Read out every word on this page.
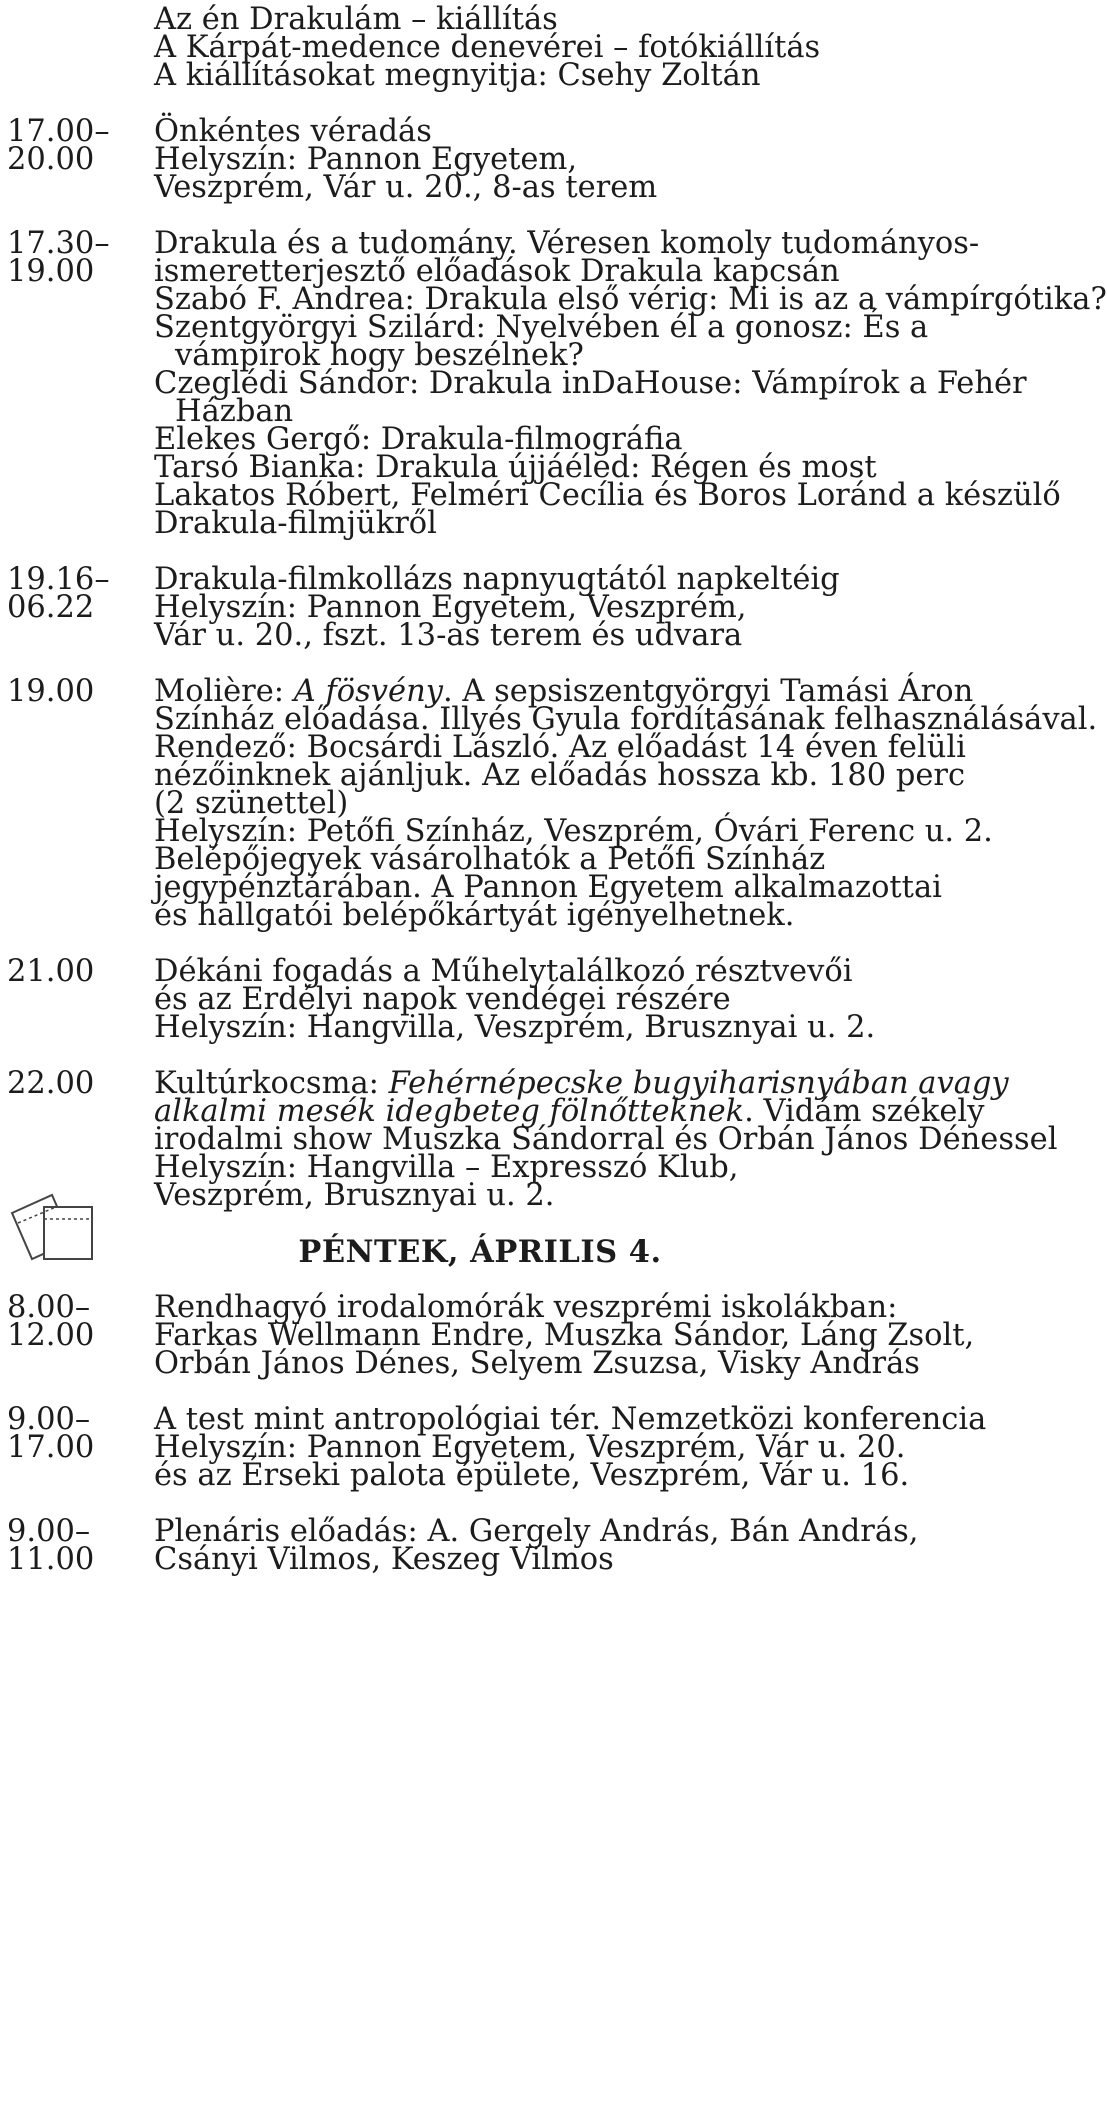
Az én Drakulám – kiállítás
A Kárpát-medence denevérei – fotókiállítás
A kiállításokat megnyitja: Csehy Zoltán
17.00– Önkéntes véradás
20.00 Helyszín: Pannon Egyetem,
Veszprém, Vár u. 20., 8-as terem
17.30– Drakula és a tudomány. Véresen komoly tudományos-
19.00 ismeretterjesztő előadások Drakula kapcsán
Szabó F. Andrea: Drakula első vérig: Mi is az a vámpírgótika?
Szentgyörgyi Szilárd: Nyelvében él a gonosz: És a
vámpírok hogy beszélnek?
Czeglédi Sándor: Drakula inDaHouse: Vámpírok a Fehér
Házban
Elekes Gergő: Drakula-filmográfia
Tarsó Bianka: Drakula újjáéled: Régen és most
Lakatos Róbert, Felméri Cecília és Boros Loránd a készülő
Drakula-filmjükről
19.16– Drakula-filmkollázs napnyugtától napkeltéig
06.22 Helyszín: Pannon Egyetem, Veszprém,
Vár u. 20., fszt. 13-as terem és udvara
19.00 Molière: A fösvény. A sepsiszentgyörgyi Tamási Áron
Színház előadása. Illyés Gyula fordításának felhasználásával.
Rendező: Bocsárdi László. Az előadást 14 éven felüli
nézőinknek ajánljuk. Az előadás hossza kb. 180 perc
(2 szünettel)
Helyszín: Petőfi Színház, Veszprém, Óvári Ferenc u. 2.
Belépőjegyek vásárolhatók a Petőfi Színház
jegypénztárában. A Pannon Egyetem alkalmazottai
és hallgatói belépőkártyát igényelhetnek.
21.00 Dékáni fogadás a Műhelytalálkozó résztvevői
és az Erdélyi napok vendégei részére
Helyszín: Hangvilla, Veszprém, Brusznyai u. 2.
22.00 Kultúrkocsma: Fehérnépecske bugyiharisnyában avagy
alkalmi mesék idegbeteg fölnőtteknek. Vidám székely
irodalmi show Muszka Sándorral és Orbán János Dénessel
Helyszín: Hangvilla – Expresszó Klub,
Veszprém, Brusznyai u. 2.
PÉNTEK, ÁPRILIS 4.
8.00– Rendhagyó irodalomórák veszprémi iskolákban:
12.00 Farkas Wellmann Endre, Muszka Sándor, Láng Zsolt,
Orbán János Dénes, Selyem Zsuzsa, Visky András
9.00– A test mint antropológiai tér. Nemzetközi konferencia
17.00 Helyszín: Pannon Egyetem, Veszprém, Vár u. 20.
és az Érseki palota épülete, Veszprém, Vár u. 16.
9.00– Plenáris előadás: A. Gergely András, Bán András,
11.00 Csányi Vilmos, Keszeg Vilmos
